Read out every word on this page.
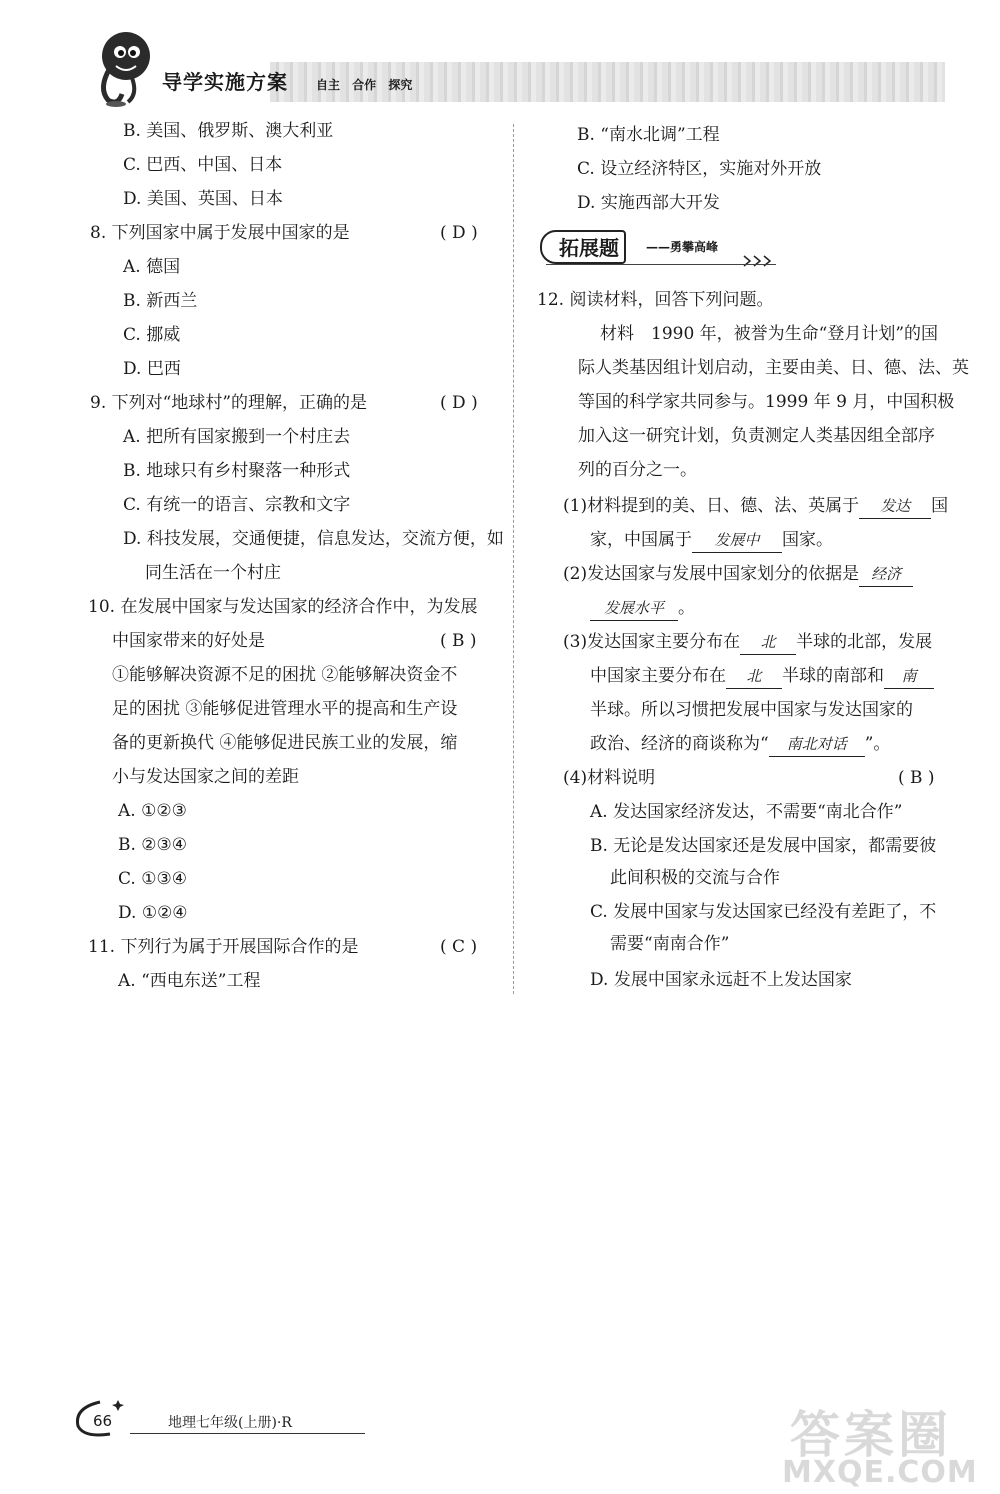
导学实施方案 自主 合作 探究
B. 美国、俄罗斯、澳大利亚
C. 巴西、中国、日本
D. 美国、英国、日本
8. 下列国家中属于发展中国家的是	( D )
A. 德国
B. 新西兰
C. 挪威
D. 巴西
9. 下列对“地球村”的理解，正确的是	( D )
A. 把所有国家搬到一个村庄去
B. 地球只有乡村聚落一种形式
C. 有统一的语言、宗教和文字
D. 科技发展，交通便捷，信息发达，交流方便，如
同生活在一个村庄
10. 在发展中国家与发达国家的经济合作中，为发展
中国家带来的好处是	( B )
①能够解决资源不足的困扰 ②能够解决资金不
足的困扰 ③能够促进管理水平的提高和生产设
备的更新换代 ④能够促进民族工业的发展，缩
小与发达国家之间的差距
A. ①②③
B. ②③④
C. ①③④
D. ①②④
11. 下列行为属于开展国际合作的是	( C )
A. “西电东送”工程
B. “南水北调”工程
C. 设立经济特区，实施对外开放
D. 实施西部大开发
拓展题 ——勇攀高峰
12. 阅读材料，回答下列问题。
材料　1990 年，被誉为生命“登月计划”的国
际人类基因组计划启动，主要由美、日、德、法、英
等国的科学家共同参与。1999 年 9 月，中国积极
加入这一研究计划，负责测定人类基因组全部序
列的百分之一。
(1)材料提到的美、日、德、法、英属于 发达 国
家，中国属于 发展中 国家。
(2)发达国家与发展中国家划分的依据是 经济
发展水平 。
(3)发达国家主要分布在 北 半球的北部，发展
中国家主要分布在 北 半球的南部和 南
半球。所以习惯把发展中国家与发达国家的
政治、经济的商谈称为“ 南北对话 ”。
(4)材料说明	( B )
A. 发达国家经济发达，不需要“南北合作”
B. 无论是发达国家还是发展中国家，都需要彼
此间积极的交流与合作
C. 发展中国家与发达国家已经没有差距了，不
需要“南南合作”
D. 发展中国家永远赶不上发达国家
66	地理七年级(上册)·R	答案圈
MXQE.COM
